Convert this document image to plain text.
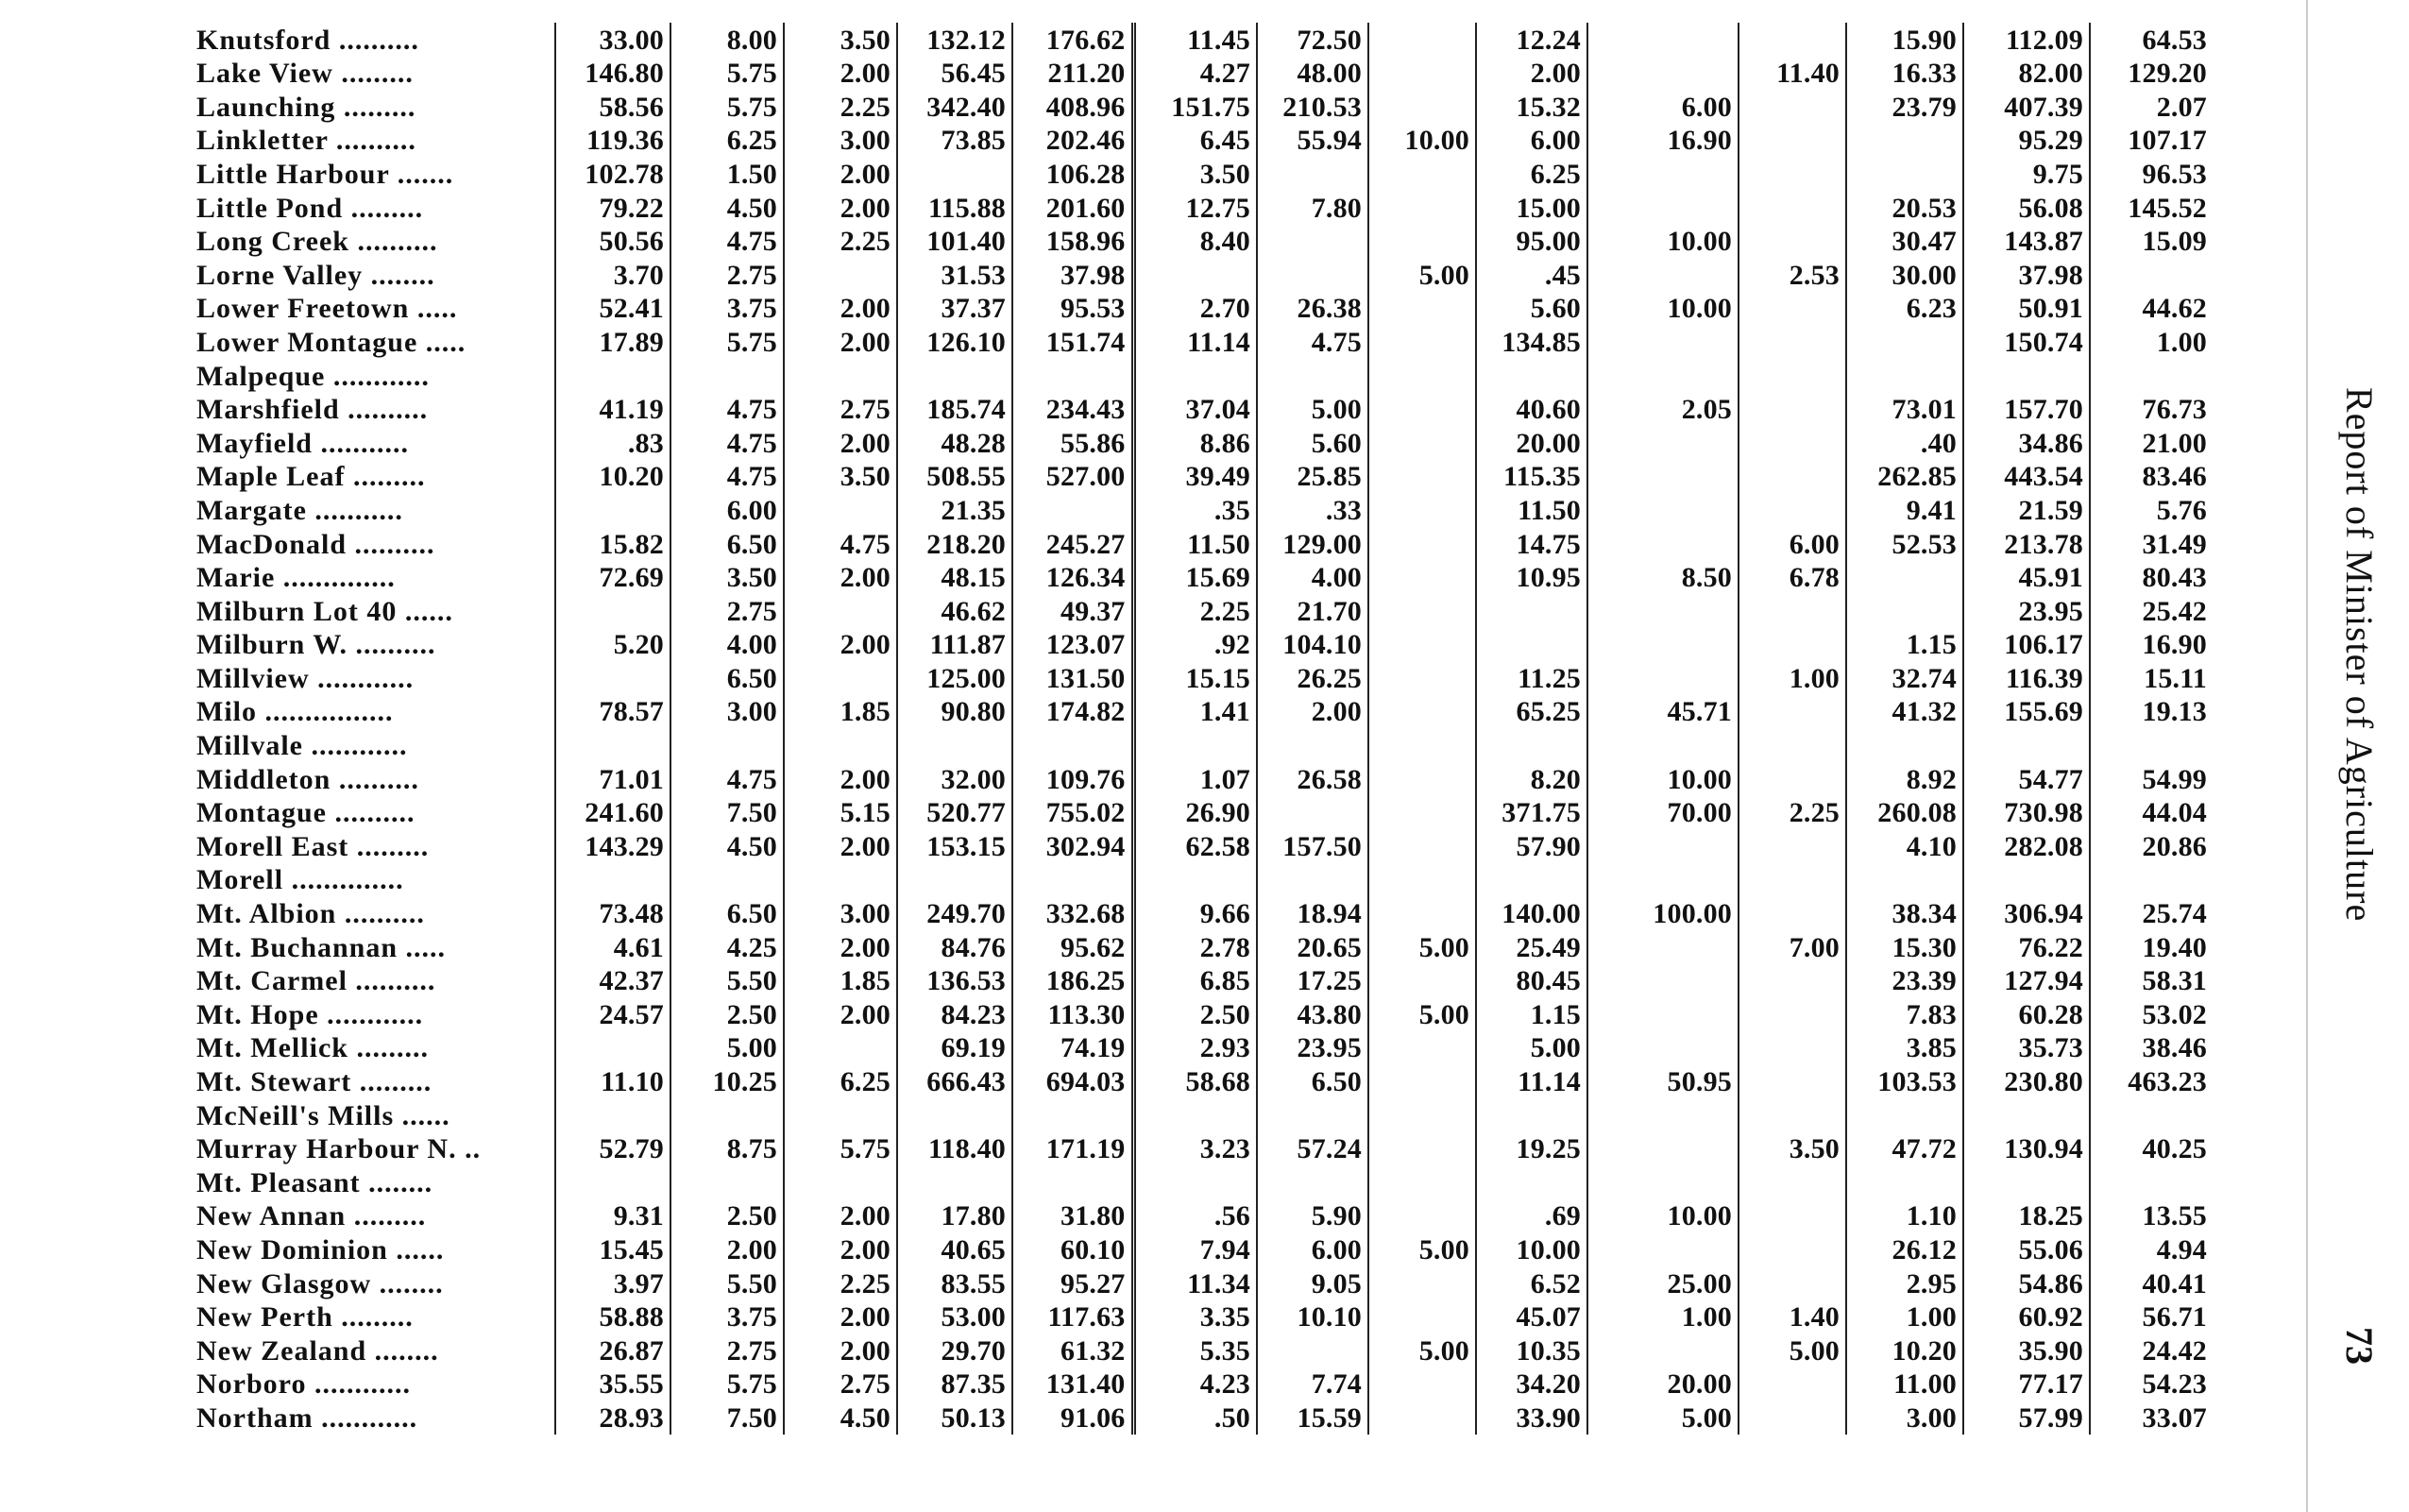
Knutsford ..........	33.00	8.00	3.50	132.12	176.62	11.45	72.50		12.24			15.90	112.09	64.53
Lake View .........	146.80	5.75	2.00	56.45	211.20	4.27	48.00		2.00		11.40	16.33	82.00	129.20
Launching .........	58.56	5.75	2.25	342.40	408.96	151.75	210.53		15.32	6.00		23.79	407.39	2.07
Linkletter ..........	119.36	6.25	3.00	73.85	202.46	6.45	55.94	10.00	6.00	16.90			95.29	107.17
Little Harbour .......	102.78	1.50	2.00		106.28	3.50			6.25				9.75	96.53
Little Pond .........	79.22	4.50	2.00	115.88	201.60	12.75	7.80		15.00			20.53	56.08	145.52
Long Creek ..........	50.56	4.75	2.25	101.40	158.96	8.40			95.00	10.00		30.47	143.87	15.09
Lorne Valley ........	3.70	2.75		31.53	37.98			5.00	.45		2.53	30.00	37.98	
Lower Freetown .....	52.41	3.75	2.00	37.37	95.53	2.70	26.38		5.60	10.00		6.23	50.91	44.62
Lower Montague .....	17.89	5.75	2.00	126.10	151.74	11.14	4.75		134.85				150.74	1.00
Malpeque ............														
Marshfield ..........	41.19	4.75	2.75	185.74	234.43	37.04	5.00		40.60	2.05		73.01	157.70	76.73
Mayfield ...........	.83	4.75	2.00	48.28	55.86	8.86	5.60		20.00			.40	34.86	21.00
Maple Leaf .........	10.20	4.75	3.50	508.55	527.00	39.49	25.85		115.35			262.85	443.54	83.46
Margate ...........		6.00		21.35		.35	.33		11.50			9.41	21.59	5.76
MacDonald ..........	15.82	6.50	4.75	218.20	245.27	11.50	129.00		14.75		6.00	52.53	213.78	31.49
Marie ..............	72.69	3.50	2.00	48.15	126.34	15.69	4.00		10.95	8.50	6.78		45.91	80.43
Milburn Lot 40 ......		2.75		46.62	49.37	2.25	21.70						23.95	25.42
Milburn W. ..........	5.20	4.00	2.00	111.87	123.07	.92	104.10					1.15	106.17	16.90
Millview ............		6.50		125.00	131.50	15.15	26.25		11.25		1.00	32.74	116.39	15.11
Milo ................	78.57	3.00	1.85	90.80	174.82	1.41	2.00		65.25	45.71		41.32	155.69	19.13
Millvale ............														
Middleton ..........	71.01	4.75	2.00	32.00	109.76	1.07	26.58		8.20	10.00		8.92	54.77	54.99
Montague ..........	241.60	7.50	5.15	520.77	755.02	26.90			371.75	70.00	2.25	260.08	730.98	44.04
Morell East .........	143.29	4.50	2.00	153.15	302.94	62.58	157.50		57.90			4.10	282.08	20.86
Morell ..............														
Mt. Albion ..........	73.48	6.50	3.00	249.70	332.68	9.66	18.94		140.00	100.00		38.34	306.94	25.74
Mt. Buchannan .....	4.61	4.25	2.00	84.76	95.62	2.78	20.65	5.00	25.49		7.00	15.30	76.22	19.40
Mt. Carmel ..........	42.37	5.50	1.85	136.53	186.25	6.85	17.25		80.45			23.39	127.94	58.31
Mt. Hope ............	24.57	2.50	2.00	84.23	113.30	2.50	43.80	5.00	1.15			7.83	60.28	53.02
Mt. Mellick .........		5.00		69.19	74.19	2.93	23.95		5.00			3.85	35.73	38.46
Mt. Stewart .........	11.10	10.25	6.25	666.43	694.03	58.68	6.50		11.14	50.95		103.53	230.80	463.23
McNeill's Mills ......														
Murray Harbour N. ..	52.79	8.75	5.75	118.40	171.19	3.23	57.24		19.25		3.50	47.72	130.94	40.25
Mt. Pleasant ........														
New Annan .........	9.31	2.50	2.00	17.80	31.80	.56	5.90		.69	10.00		1.10	18.25	13.55
New Dominion ......	15.45	2.00	2.00	40.65	60.10	7.94	6.00	5.00	10.00			26.12	55.06	4.94
New Glasgow ........	3.97	5.50	2.25	83.55	95.27	11.34	9.05		6.52	25.00		2.95	54.86	40.41
New Perth .........	58.88	3.75	2.00	53.00	117.63	3.35	10.10		45.07	1.00	1.40	1.00	60.92	56.71
New Zealand ........	26.87	2.75	2.00	29.70	61.32	5.35		5.00	10.35		5.00	10.20	35.90	24.42
Norboro ............	35.55	5.75	2.75	87.35	131.40	4.23	7.74		34.20	20.00		11.00	77.17	54.23
Northam ............	28.93	7.50	4.50	50.13	91.06	.50	15.59		33.90	5.00		3.00	57.99	33.07
Report of Minister of Agriculture
73
